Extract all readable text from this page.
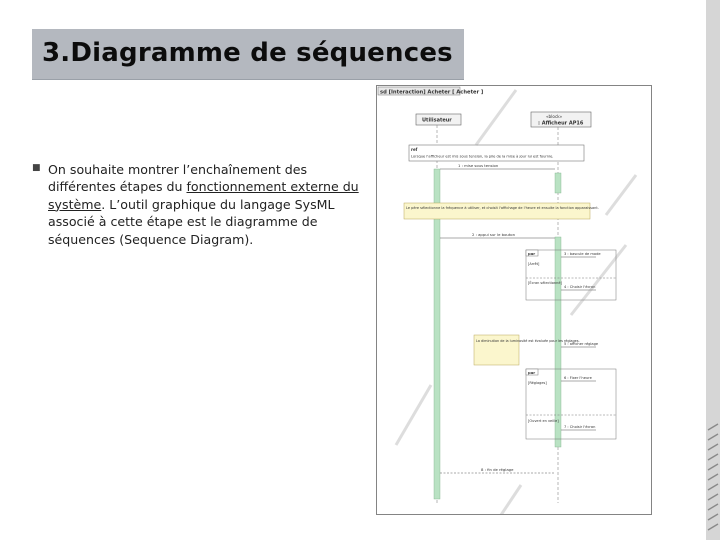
3.Diagramme de séquences
■ On souhaite montrer l’enchaînement des différentes étapes du fonctionnement externe du système. L’outil graphique du langage SysML associé à cette étape est le diagramme de séquences (Sequence Diagram).
sd [Interaction] Acheter [ Acheter ]
Utilisateur
«block»
: Afficheur AP16
ref
Lorsque l'afficheur est mis sous tension, la pile de la mise à jour lui est fournie.
1 : mise sous tension
Le père sélectionne la fréquence à utiliser, et choisit l'affichage de l'heure et ensuite la fonction apparaissant.
2 : appui sur le bouton
par
[Arrêt]
[Écran sélectionné]
3 : bascule de mode
4 : Choisir l'écran
La diminution de la luminosité est évaluée pour les réglages.
5 : afficher réglage
par
[Réglages]
6 : Fixer l'heure
[Ouvert en veille]
7 : Choisir l'écran
8 : fin de réglage
